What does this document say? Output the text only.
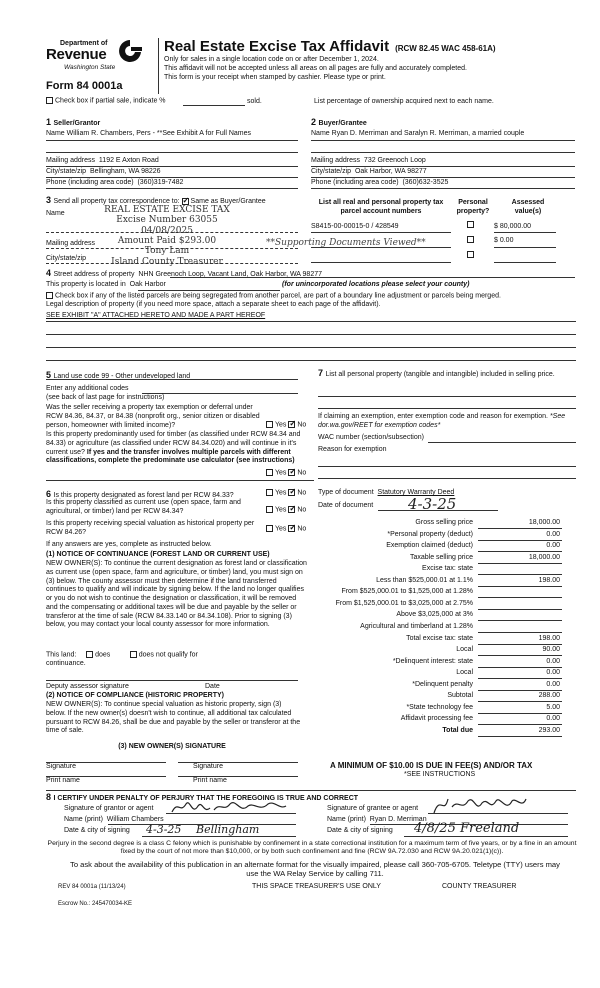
Department of
Revenue
Washington State
Form 84 0001a
Real Estate Excise Tax Affidavit (RCW 82.45 WAC 458-61A)
Only for sales in a single location code on or after December 1, 2024.
This affidavit will not be accepted unless all areas on all pages are fully and accurately completed.
This form is your receipt when stamped by cashier. Please type or print.
Check box if partial sale, indicate %	sold.	List percentage of ownership acquired next to each name.
1 Seller/Grantor	2 Buyer/Grantee
Name William R. Chambers, Pers - **See Exhibit A for Full Names	Name Ryan D. Merriman and Saralyn R. Merriman, a married couple
Mailing address 1192 E Axton Road
City/state/zip Bellingham, WA 98226
Phone (including area code) (360)319-7482
Mailing address 732 Greenoch Loop
City/state/zip Oak Harbor, WA 98277
Phone (including area code) (360)632-3525
3 Send all property tax correspondence to: ✓ Same as Buyer/Grantee
Name
Mailing address
City/state/zip
REAL ESTATE EXCISE TAX
Excise Number 63055
04/08/2025
Amount Paid $293.00
Tony Lam
Island County Treasurer
**Supporting Documents Viewed**
List all real and personal property tax parcel account numbers
Personal property?
Assessed value(s)
S8415-00-00015-0 / 428549	$ 80,000.00
$ 0.00
4 Street address of property NHN Greenoch Loop, Vacant Land, Oak Harbor, WA 98277
This property is located in Oak Harbor	(for unincorporated locations please select your county)
Check box if any of the listed parcels are being segregated from another parcel, are part of a boundary line adjustment or parcels being merged.
Legal description of property (if you need more space, attach a separate sheet to each page of the affidavit).
SEE EXHIBIT "A" ATTACHED HERETO AND MADE A PART HEREOF
5 Land use code 99 - Other undeveloped land
Enter any additional codes
(see back of last page for instructions)
Was the seller receiving a property tax exemption or deferral under RCW 84.36, 84.37, or 84.38 (nonprofit org., senior citizen or disabled person, homeowner with limited income)?	Yes ✓ No
Is this property predominantly used for timber (as classified under RCW 84.34 and 84.33) or agriculture (as classified under RCW 84.34.020) and will continue in it's current use? If yes and the transfer involves multiple parcels with different classifications, complete the predominate use calculator (see instructions)
Yes ✓ No
7 List all personal property (tangible and intangible) included in selling price.
If claiming an exemption, enter exemption code and reason for exemption. *See dor.wa.gov/REET for exemption codes*
WAC number (section/subsection)
Reason for exemption
6 Is this property designated as forest land per RCW 84.33?	Yes ✓ No
Is this property classified as current use (open space, farm and agricultural, or timber) land per RCW 84.34?	Yes ✓ No
Is this property receiving special valuation as historical property per RCW 84.26?	Yes ✓ No
If any answers are yes, complete as instructed below.
(1) NOTICE OF CONTINUANCE (FOREST LAND OR CURRENT USE)
NEW OWNER(S): To continue the current designation as forest land or classification as current use (open space, farm and agriculture, or timber) land, you must sign on (3) below. The county assessor must then determine if the land transferred continues to qualify and will indicate by signing below. If the land no longer qualifies or you do not wish to continue the designation or classification, it will be removed and the compensating or additional taxes will be due and payable by the seller or transferor at the time of sale (RCW 84.33.140 or 84.34.108). Prior to signing (3) below, you may contact your local county assessor for more information.
This land:	does	does not qualify for
continuance.
Deputy assessor signature	Date
(2) NOTICE OF COMPLIANCE (HISTORIC PROPERTY)
NEW OWNER(S): To continue special valuation as historic property, sign (3) below. If the new owner(s) doesn't wish to continue, all additional tax calculated pursuant to RCW 84.26, shall be due and payable by the seller or transferor at the time of sale.
(3) NEW OWNER(S) SIGNATURE
Signature	Signature
Print name	Print name
Type of document Statutory Warranty Deed
Date of document 4-3-25
Gross selling price	18,000.00
*Personal property (deduct)	0.00
Exemption claimed (deduct)	0.00
Taxable selling price	18,000.00
Excise tax: state
Less than $525,000.01 at 1.1%	198.00
From $525,000.01 to $1,525,000 at 1.28%
From $1,525,000.01 to $3,025,000 at 2.75%
Above $3,025,000 at 3%
Agricultural and timberland at 1.28%
Total excise tax: state	198.00
Local	90.00
*Delinquent interest: state	0.00
Local	0.00
*Delinquent penalty	0.00
Subtotal	288.00
*State technology fee	5.00
Affidavit processing fee	0.00
Total due	293.00
A MINIMUM OF $10.00 IS DUE IN FEE(S) AND/OR TAX
*SEE INSTRUCTIONS
8 I CERTIFY UNDER PENALTY OF PERJURY THAT THE FOREGOING IS TRUE AND CORRECT
Signature of grantor or agent
Name (print) William Chambers
Date & city of signing 4-3-25 Bellingham
Signature of grantee or agent
Name (print) Ryan D. Merriman
Date & city of signing 4/8/25 Freeland
Perjury in the second degree is a class C felony which is punishable by confinement in a state correctional institution for a maximum term of five years, or by a fine in an amount fixed by the court of not more than $10,000, or by both such confinement and fine (RCW 9A.72.030 and RCW 9A.20.021(1)(c)).
To ask about the availability of this publication in an alternate format for the visually impaired, please call 360-705-6705. Teletype (TTY) users may use the WA Relay Service by calling 711.
REV 84 0001a (11/13/24)	THIS SPACE TREASURER'S USE ONLY	COUNTY TREASURER
Escrow No.: 245470034-KE
